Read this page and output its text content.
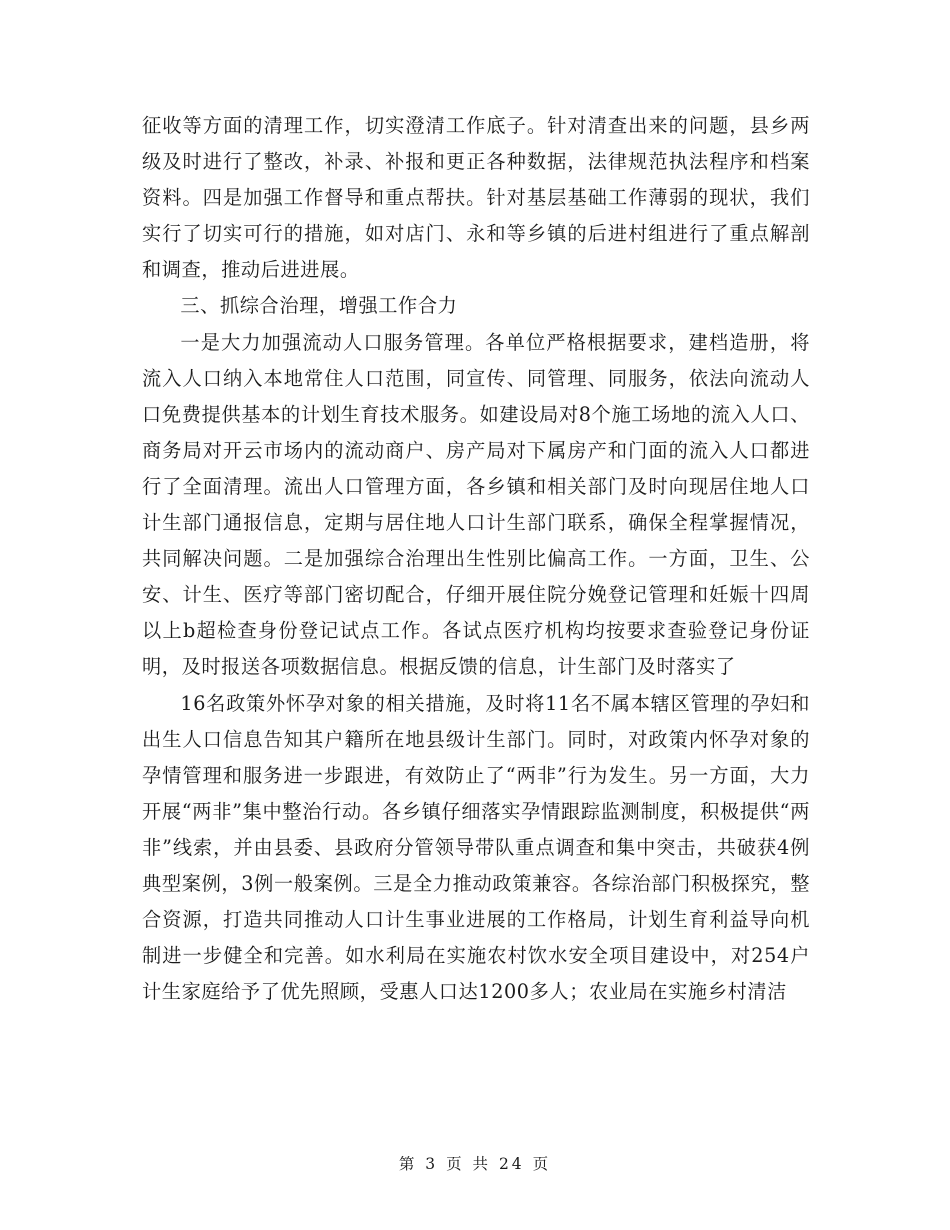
征收等方面的清理工作，切实澄清工作底子。针对清查出来的问题，县乡两级及时进行了整改，补录、补报和更正各种数据，法律规范执法程序和档案资料。四是加强工作督导和重点帮扶。针对基层基础工作薄弱的现状，我们实行了切实可行的措施，如对店门、永和等乡镇的后进村组进行了重点解剖和调查，推动后进进展。

三、抓综合治理，增强工作合力

一是大力加强流动人口服务管理。各单位严格根据要求，建档造册，将流入人口纳入本地常住人口范围，同宣传、同管理、同服务，依法向流动人口免费提供基本的计划生育技术服务。如建设局对8个施工场地的流入人口、商务局对开云市场内的流动商户、房产局对下属房产和门面的流入人口都进行了全面清理。流出人口管理方面，各乡镇和相关部门及时向现居住地人口计生部门通报信息，定期与居住地人口计生部门联系，确保全程掌握情况，共同解决问题。二是加强综合治理出生性别比偏高工作。一方面，卫生、公安、计生、医疗等部门密切配合，仔细开展住院分娩登记管理和妊娠十四周以上b超检查身份登记试点工作。各试点医疗机构均按要求查验登记身份证明，及时报送各项数据信息。根据反馈的信息，计生部门及时落实了

16名政策外怀孕对象的相关措施，及时将11名不属本辖区管理的孕妇和出生人口信息告知其户籍所在地县级计生部门。同时，对政策内怀孕对象的孕情管理和服务进一步跟进，有效防止了“两非”行为发生。另一方面，大力开展“两非”集中整治行动。各乡镇仔细落实孕情跟踪监测制度，积极提供“两非”线索，并由县委、县政府分管领导带队重点调查和集中突击，共破获4例典型案例，3例一般案例。三是全力推动政策兼容。各综治部门积极探究，整合资源，打造共同推动人口计生事业进展的工作格局，计划生育利益导向机制进一步健全和完善。如水利局在实施农村饮水安全项目建设中，对254户计生家庭给予了优先照顾，受惠人口达1200多人；农业局在实施乡村清洁

第 3 页 共 24 页
